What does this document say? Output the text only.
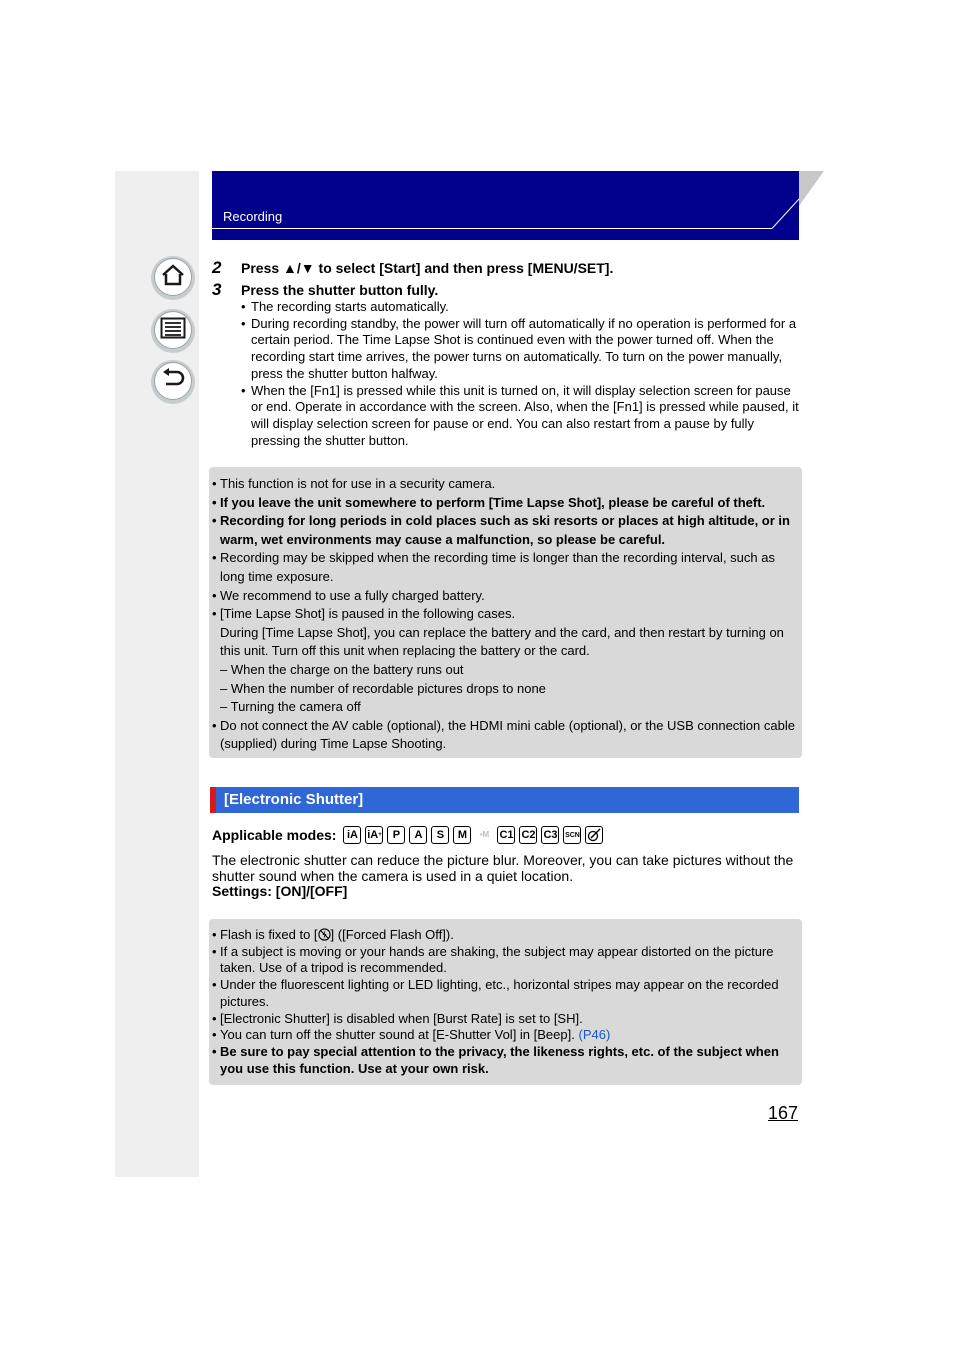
Recording
2 Press ▲/▼ to select [Start] and then press [MENU/SET].
3 Press the shutter button fully.
• The recording starts automatically.
• During recording standby, the power will turn off automatically if no operation is performed for a certain period. The Time Lapse Shot is continued even with the power turned off. When the recording start time arrives, the power turns on automatically. To turn on the power manually, press the shutter button halfway.
• When the [Fn1] is pressed while this unit is turned on, it will display selection screen for pause or end. Operate in accordance with the screen. Also, when the [Fn1] is pressed while paused, it will display selection screen for pause or end. You can also restart from a pause by fully pressing the shutter button.
• This function is not for use in a security camera.
• If you leave the unit somewhere to perform [Time Lapse Shot], please be careful of theft.
• Recording for long periods in cold places such as ski resorts or places at high altitude, or in warm, wet environments may cause a malfunction, so please be careful.
• Recording may be skipped when the recording time is longer than the recording interval, such as long time exposure.
• We recommend to use a fully charged battery.
• [Time Lapse Shot] is paused in the following cases.
During [Time Lapse Shot], you can replace the battery and the card, and then restart by turning on this unit. Turn off this unit when replacing the battery or the card.
– When the charge on the battery runs out
– When the number of recordable pictures drops to none
– Turning the camera off
• Do not connect the AV cable (optional), the HDMI mini cable (optional), or the USB connection cable (supplied) during Time Lapse Shooting.
[Electronic Shutter]
Applicable modes: iA iA +	P	A	S	M	▪M C1 C2 C3 SCN
The electronic shutter can reduce the picture blur. Moreover, you can take pictures without the shutter sound when the camera is used in a quiet location.
Settings: [ON]/[OFF]
• Flash is fixed to [ ] ([Forced Flash Off]).
• If a subject is moving or your hands are shaking, the subject may appear distorted on the picture taken. Use of a tripod is recommended.
• Under the fluorescent lighting or LED lighting, etc., horizontal stripes may appear on the recorded pictures.
• [Electronic Shutter] is disabled when [Burst Rate] is set to [SH].
• You can turn off the shutter sound at [E-Shutter Vol] in [Beep]. (P46)
• Be sure to pay special attention to the privacy, the likeness rights, etc. of the subject when you use this function. Use at your own risk.
167
